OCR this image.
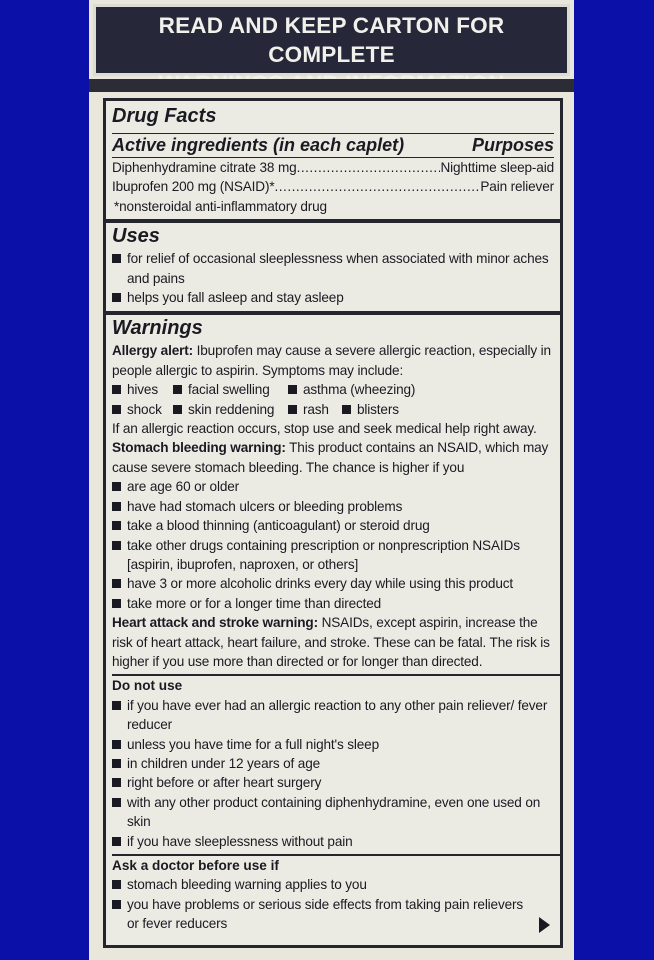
READ AND KEEP CARTON FOR COMPLETE
Drug Facts
Active ingredients (in each caplet)	Purposes
Diphenhydramine citrate 38 mg .....	Nighttime sleep-aid
Ibuprofen 200 mg (NSAID)* .....	Pain reliever
*nonsteroidal anti-inflammatory drug
Uses
for relief of occasional sleeplessness when associated with minor aches and pains
helps you fall asleep and stay asleep
Warnings
Allergy alert: Ibuprofen may cause a severe allergic reaction, especially in people allergic to aspirin. Symptoms may include:
hives	facial swelling	asthma (wheezing)
shock	skin reddening	rash	blisters
If an allergic reaction occurs, stop use and seek medical help right away.
Stomach bleeding warning: This product contains an NSAID, which may cause severe stomach bleeding. The chance is higher if you
are age 60 or older
have had stomach ulcers or bleeding problems
take a blood thinning (anticoagulant) or steroid drug
take other drugs containing prescription or nonprescription NSAIDs [aspirin, ibuprofen, naproxen, or others]
have 3 or more alcoholic drinks every day while using this product
take more or for a longer time than directed
Heart attack and stroke warning: NSAIDs, except aspirin, increase the risk of heart attack, heart failure, and stroke. These can be fatal. The risk is higher if you use more than directed or for longer than directed.
Do not use
if you have ever had an allergic reaction to any other pain reliever/ fever reducer
unless you have time for a full night's sleep
in children under 12 years of age
right before or after heart surgery
with any other product containing diphenhydramine, even one used on skin
if you have sleeplessness without pain
Ask a doctor before use if
stomach bleeding warning applies to you
you have problems or serious side effects from taking pain relievers or fever reducers
